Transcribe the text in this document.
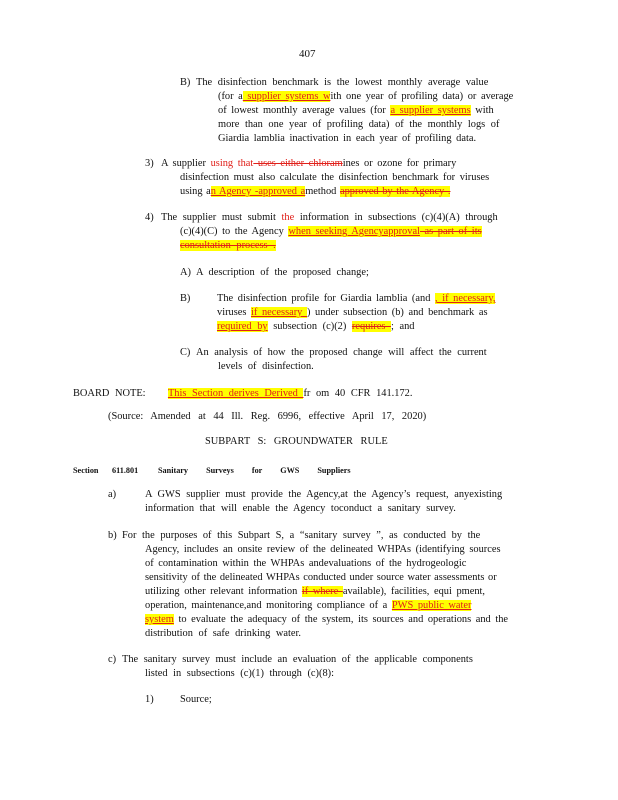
407
B) The disinfection benchmark is the lowest monthly average value
(for a supplier systems with one year of profiling data) or average
of lowest monthly average values (for a supplier systems with
more than one year of profiling data) of the monthly logs of
Giardia lamblia inactivation in each year of profiling data.
3) A supplier using that uses either chloramines or ozone for primary
disinfection must also calculate the disinfection benchmark for viruses
using an Agency -approved amethod approved by the Agency .
4) The supplier must submit the information in subsections (c)(4)(A) through
(c)(4)(C) to the Agency when seeking Agencyapproval as part of its
consultation process .
A) A description of the proposed change;
B)	The disinfection profile for Giardia lamblia (and , if necessary,
viruses if necessary ) under subsection (b) and benchmark as
required by subsection (c)(2) requires ; and
C) An analysis of how the proposed change will affect the current
levels of disinfection.
BOARD NOTE: This Section derives Derived fr om 40 CFR 141.172.
(Source: Amended at 44 Ill. Reg. 6996, effective April 17, 2020)
SUBPART S: GROUNDWATER RULE
Section 611.801 Sanitary Surveys for GWS Suppliers
a)	A GWS supplier must provide the Agency,at the Agency’s request, anyexisting
information that will enable the Agency toconduct a sanitary survey.
b) For the purposes of this Subpart S, a “sanitary survey ”, as conducted by the
Agency, includes an onsite review of the delineated WHPAs (identifying sources
of contamination within the WHPAs andevaluations of the hydrogeologic
sensitivity of the delineated WHPAs conducted under source water assessments or
utilizing other relevant information if where available), facilities, equi pment,
operation, maintenance,and monitoring compliance of a PWS public water
system to evaluate the adequacy of the system, its sources and operations and the
distribution of safe drinking water.
c) The sanitary survey must include an evaluation of the applicable components
listed in subsections (c)(1) through (c)(8):
1)	Source;
